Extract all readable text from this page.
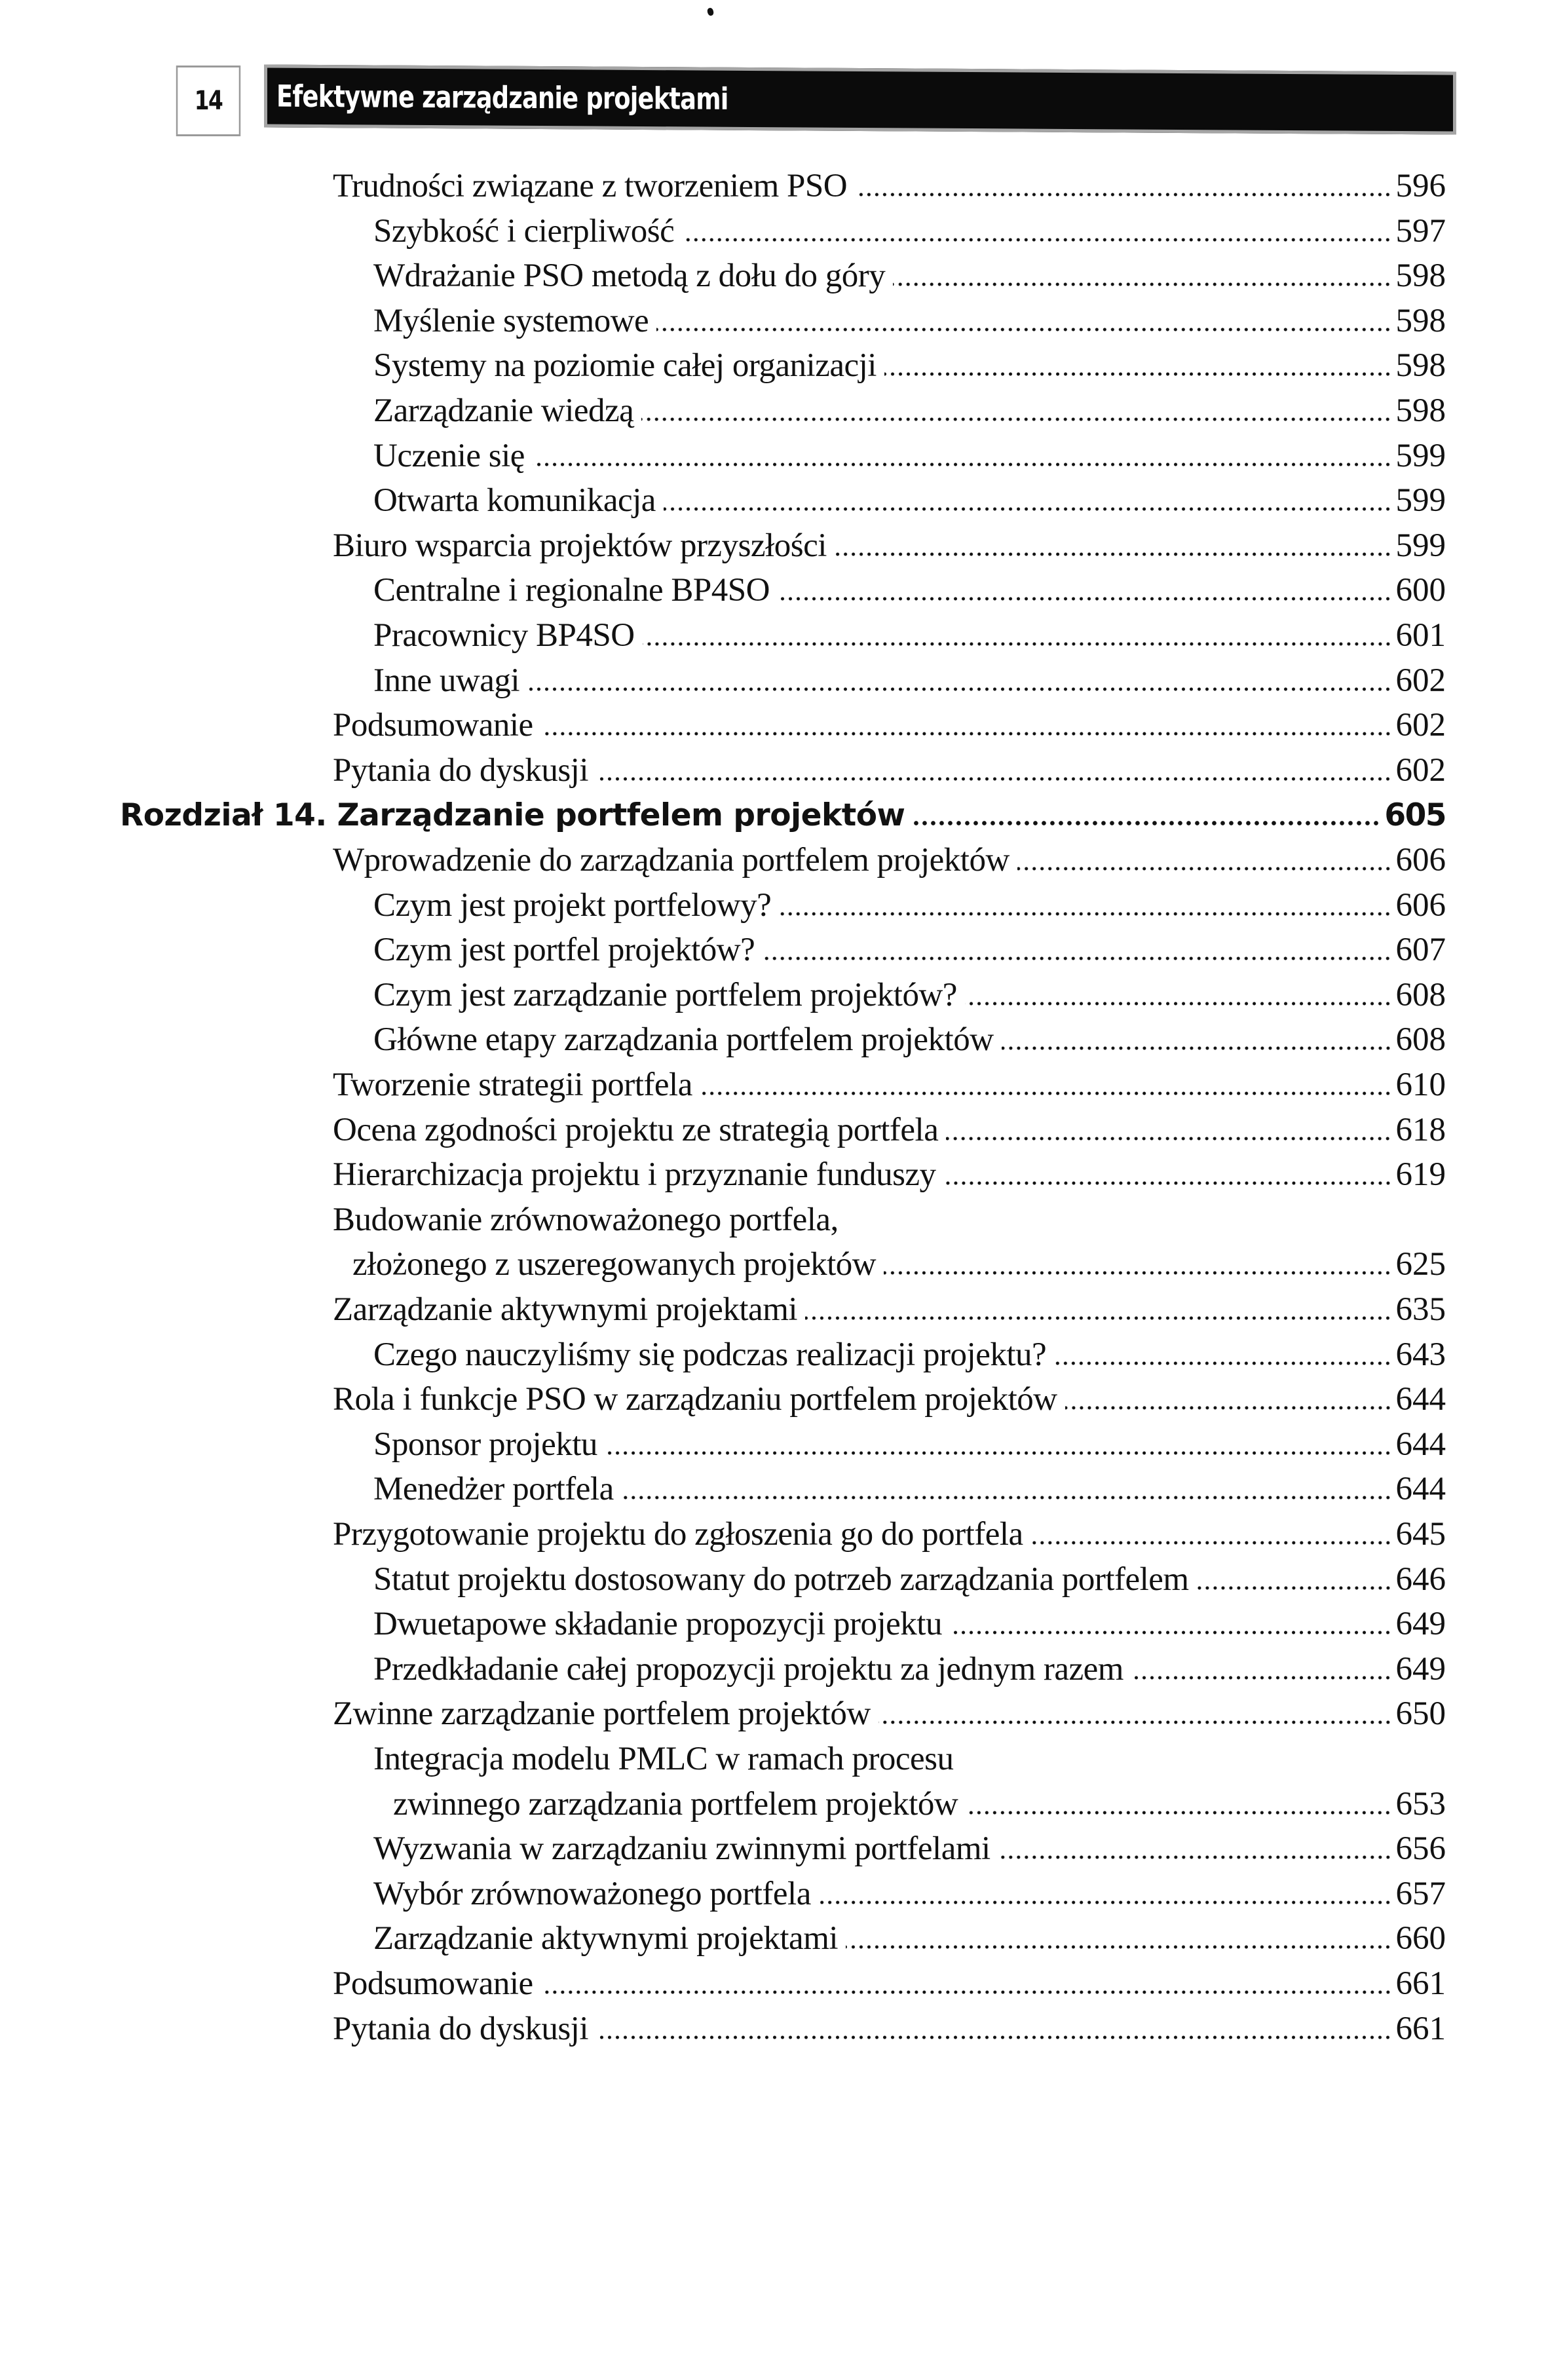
14 Efektywne zarządzanie projektami
Trudności związane z tworzeniem PSO	596
Szybkość i cierpliwość	597
Wdrażanie PSO metodą z dołu do góry	598
Myślenie systemowe	598
Systemy na poziomie całej organizacji	598
Zarządzanie wiedzą	598
Uczenie się	599
Otwarta komunikacja	599
Biuro wsparcia projektów przyszłości	599
Centralne i regionalne BP4SO	600
Pracownicy BP4SO	601
Inne uwagi	602
Podsumowanie	602
Pytania do dyskusji	602
Rozdział 14. Zarządzanie portfelem projektów	605
Wprowadzenie do zarządzania portfelem projektów	606
Czym jest projekt portfelowy?	606
Czym jest portfel projektów?	607
Czym jest zarządzanie portfelem projektów?	608
Główne etapy zarządzania portfelem projektów	608
Tworzenie strategii portfela	610
Ocena zgodności projektu ze strategią portfela	618
Hierarchizacja projektu i przyznanie funduszy	619
Budowanie zrównoważonego portfela,
złożonego z uszeregowanych projektów	625
Zarządzanie aktywnymi projektami	635
Czego nauczyliśmy się podczas realizacji projektu?	643
Rola i funkcje PSO w zarządzaniu portfelem projektów	644
Sponsor projektu	644
Menedżer portfela	644
Przygotowanie projektu do zgłoszenia go do portfela	645
Statut projektu dostosowany do potrzeb zarządzania portfelem	646
Dwuetapowe składanie propozycji projektu	649
Przedkładanie całej propozycji projektu za jednym razem	649
Zwinne zarządzanie portfelem projektów	650
Integracja modelu PMLC w ramach procesu
zwinnego zarządzania portfelem projektów	653
Wyzwania w zarządzaniu zwinnymi portfelami	656
Wybór zrównoważonego portfela	657
Zarządzanie aktywnymi projektami	660
Podsumowanie	661
Pytania do dyskusji	661
